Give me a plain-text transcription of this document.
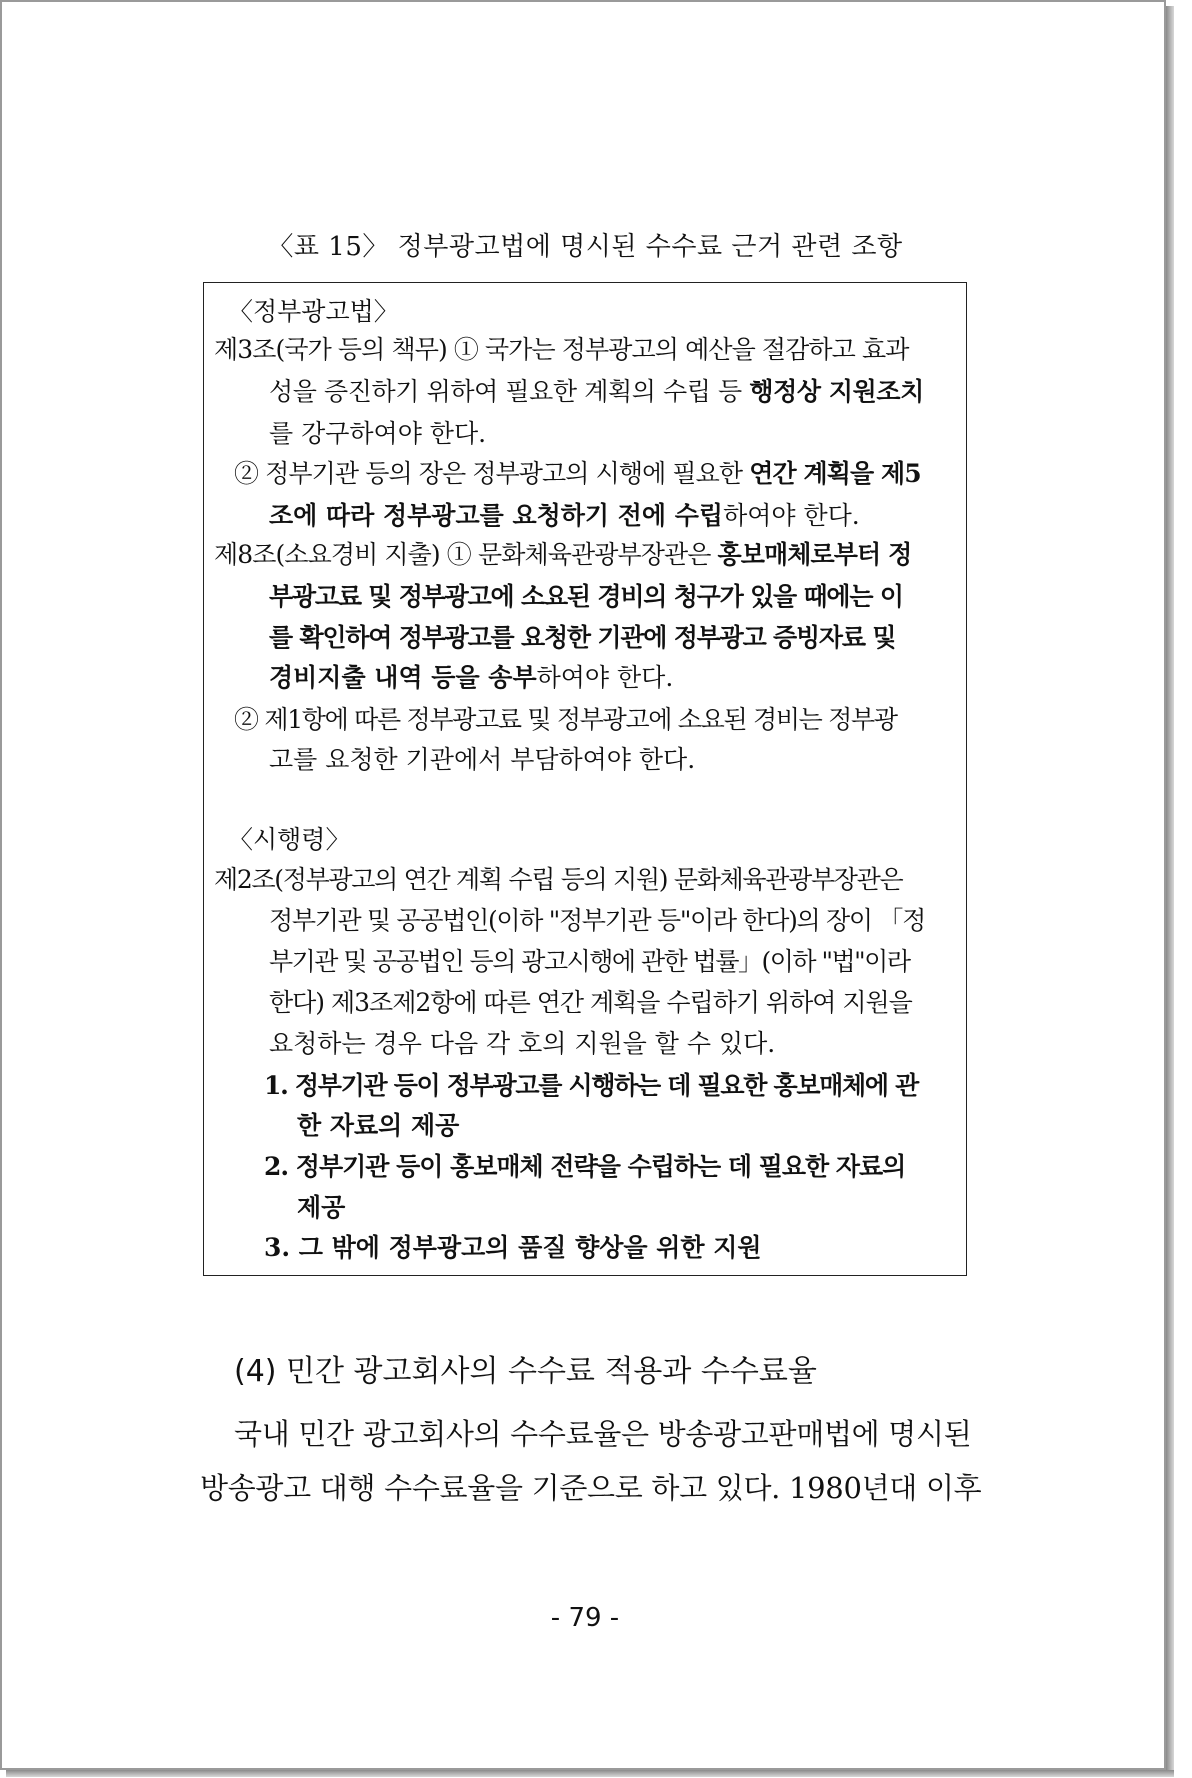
〈표 15〉 정부광고법에 명시된 수수료 근거 관련 조항
〈정부광고법〉
제3조(국가 등의 책무) ① 국가는 정부광고의 예산을 절감하고 효과
성을 증진하기 위하여 필요한 계획의 수립 등 행정상 지원조치
를 강구하여야 한다.
② 정부기관 등의 장은 정부광고의 시행에 필요한 연간 계획을 제5
조에 따라 정부광고를 요청하기 전에 수립하여야 한다.
제8조(소요경비 지출) ① 문화체육관광부장관은 홍보매체로부터 정
부광고료 및 정부광고에 소요된 경비의 청구가 있을 때에는 이
를 확인하여 정부광고를 요청한 기관에 정부광고 증빙자료 및
경비지출 내역 등을 송부하여야 한다.
② 제1항에 따른 정부광고료 및 정부광고에 소요된 경비는 정부광
고를 요청한 기관에서 부담하여야 한다.
〈시행령〉
제2조(정부광고의 연간 계획 수립 등의 지원) 문화체육관광부장관은
정부기관 및 공공법인(이하 "정부기관 등"이라 한다)의 장이 「정
부기관 및 공공법인 등의 광고시행에 관한 법률」(이하 "법"이라
한다) 제3조제2항에 따른 연간 계획을 수립하기 위하여 지원을
요청하는 경우 다음 각 호의 지원을 할 수 있다.
1. 정부기관 등이 정부광고를 시행하는 데 필요한 홍보매체에 관
한 자료의 제공
2. 정부기관 등이 홍보매체 전략을 수립하는 데 필요한 자료의
제공
3. 그 밖에 정부광고의 품질 향상을 위한 지원
(4) 민간 광고회사의 수수료 적용과 수수료율
국내 민간 광고회사의 수수료율은 방송광고판매법에 명시된
방송광고 대행 수수료율을 기준으로 하고 있다. 1980년대 이후
- 79 -
